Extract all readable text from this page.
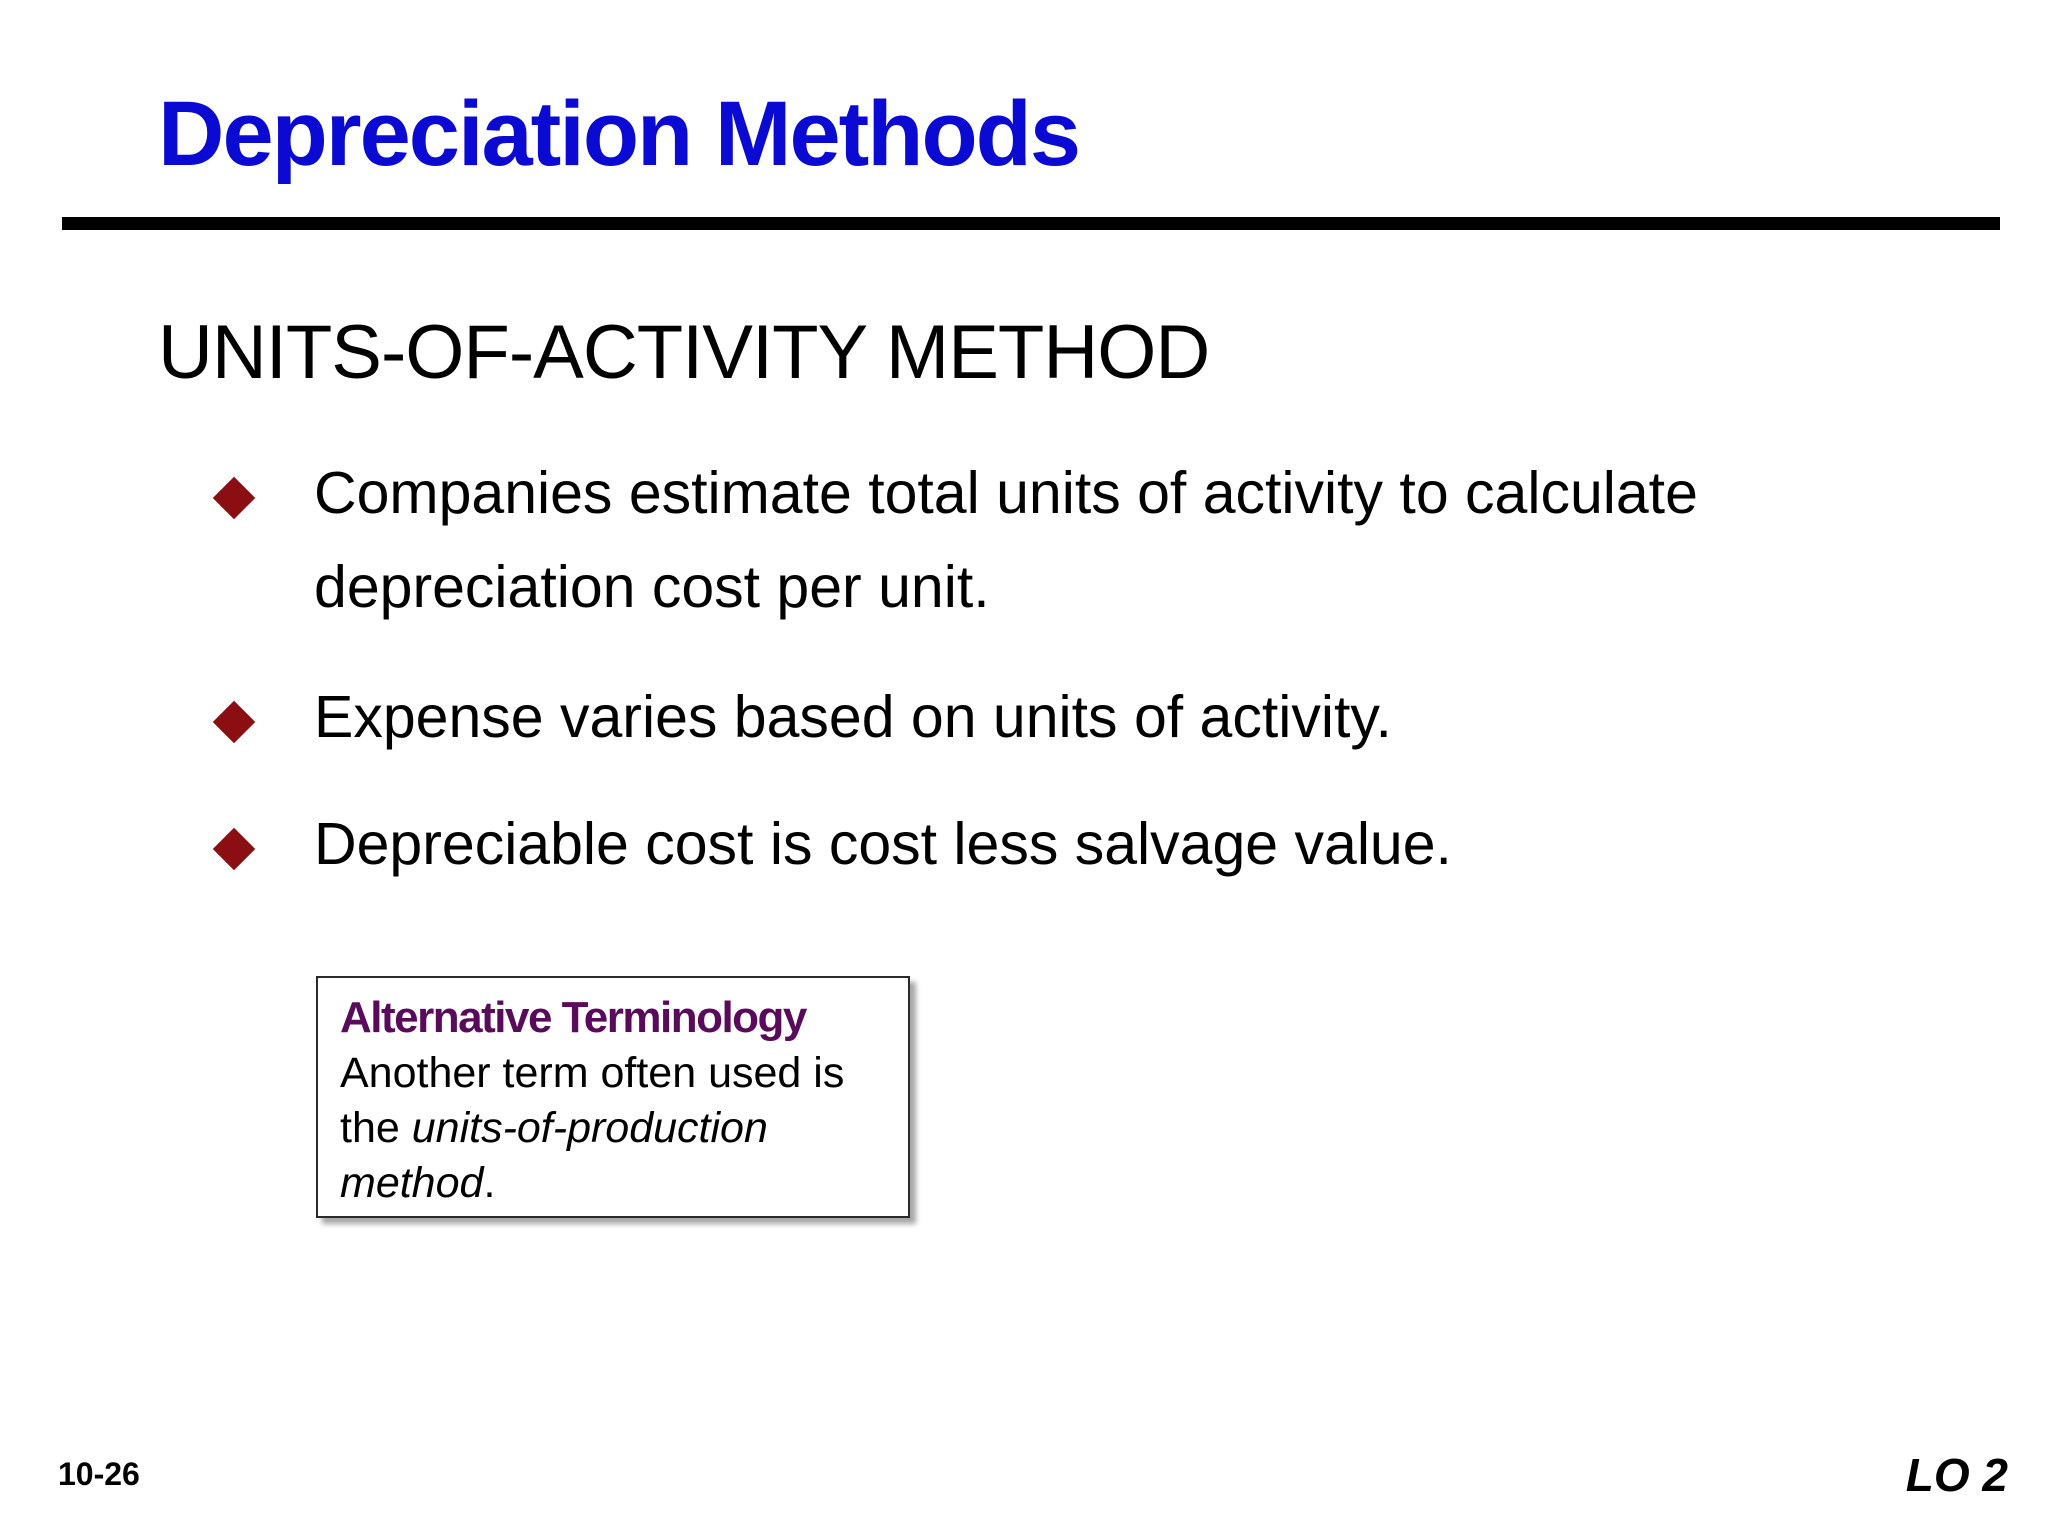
Depreciation Methods
UNITS-OF-ACTIVITY METHOD
Companies estimate total units of activity to calculate depreciation cost per unit.
Expense varies based on units of activity.
Depreciable cost is cost less salvage value.
Alternative Terminology
Another term often used is the units-of-production method.
10-26	LO 2
